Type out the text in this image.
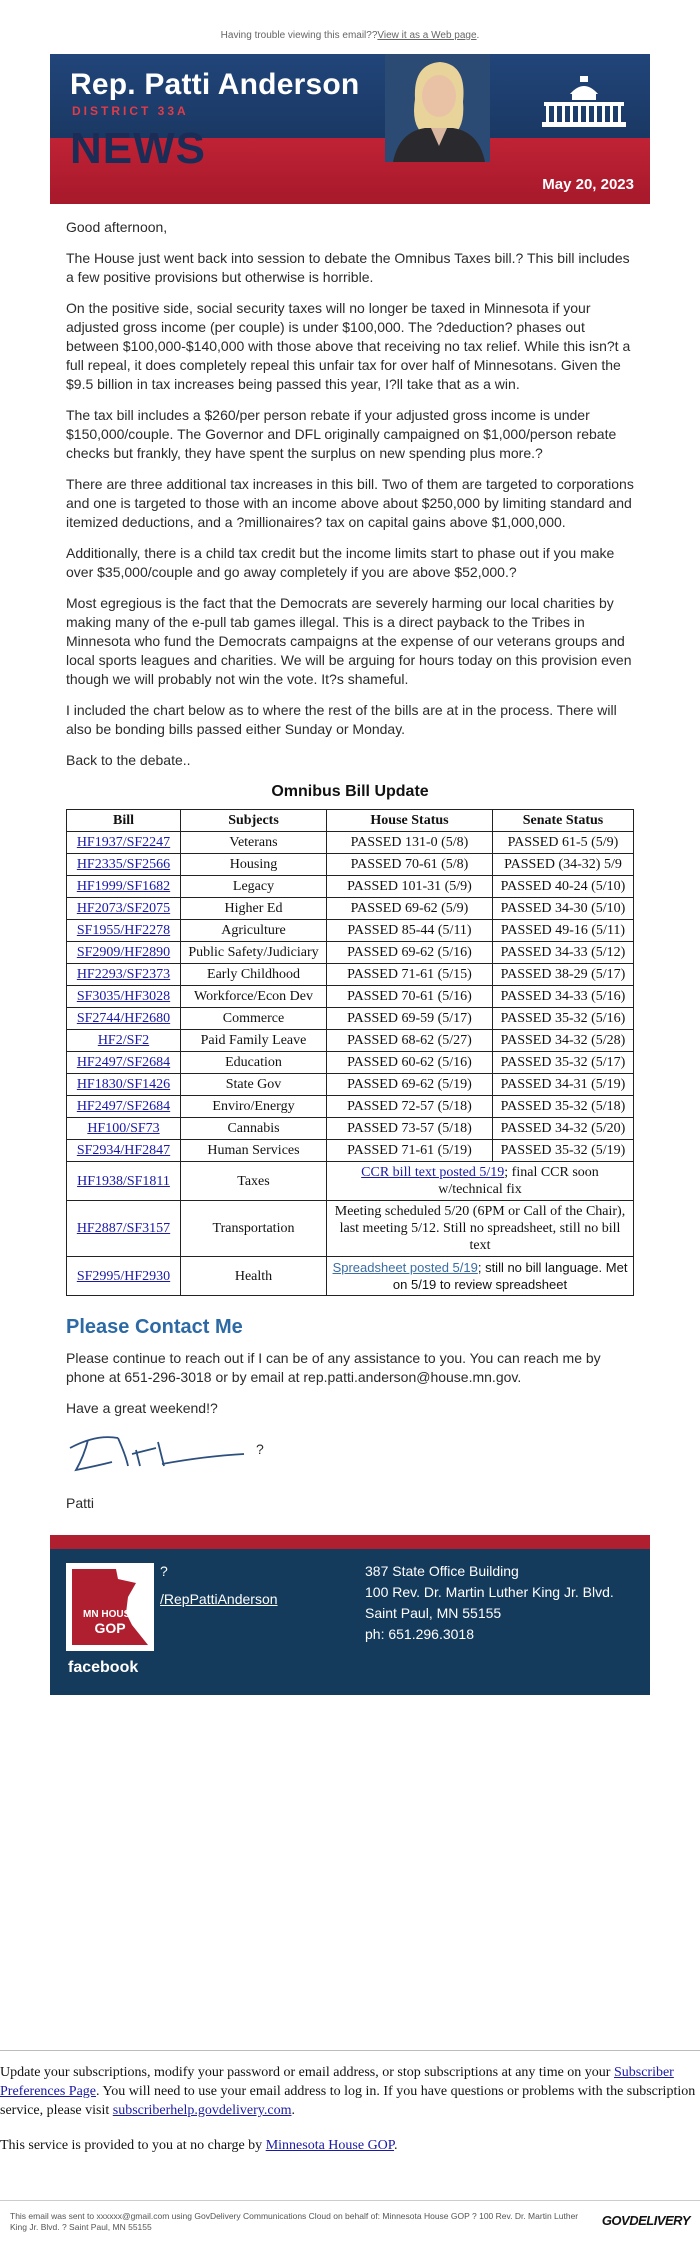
Having trouble viewing this email??View it as a Web page.
Rep. Patti Anderson
DISTRICT 33A
NEWS
May 20, 2023

Good afternoon,

The House just went back into session to debate the Omnibus Taxes bill.? This bill includes a few positive provisions but otherwise is horrible.

On the positive side, social security taxes will no longer be taxed in Minnesota if your adjusted gross income (per couple) is under $100,000. The ?deduction? phases out between $100,000-$140,000 with those above that receiving no tax relief. While this isn?t a full repeal, it does completely repeal this unfair tax for over half of Minnesotans. Given the $9.5 billion in tax increases being passed this year, I?ll take that as a win.

The tax bill includes a $260/per person rebate if your adjusted gross income is under $150,000/couple. The Governor and DFL originally campaigned on $1,000/person rebate checks but frankly, they have spent the surplus on new spending plus more.?

There are three additional tax increases in this bill. Two of them are targeted to corporations and one is targeted to those with an income above about $250,000 by limiting standard and itemized deductions, and a ?millionaires? tax on capital gains above $1,000,000.

Additionally, there is a child tax credit but the income limits start to phase out if you make over $35,000/couple and go away completely if you are above $52,000.?

Most egregious is the fact that the Democrats are severely harming our local charities by making many of the e-pull tab games illegal. This is a direct payback to the Tribes in Minnesota who fund the Democrats campaigns at the expense of our veterans groups and local sports leagues and charities. We will be arguing for hours today on this provision even though we will probably not win the vote. It?s shameful.

I included the chart below as to where the rest of the bills are at in the process. There will also be bonding bills passed either Sunday or Monday.

Back to the debate..

Omnibus Bill Update
Bill	Subjects	House Status	Senate Status
HF1937/SF2247	Veterans	PASSED 131-0 (5/8)	PASSED 61-5 (5/9)
HF2335/SF2566	Housing	PASSED 70-61 (5/8)	PASSED (34-32) 5/9
HF1999/SF1682	Legacy	PASSED 101-31 (5/9)	PASSED 40-24 (5/10)
HF2073/SF2075	Higher Ed	PASSED 69-62 (5/9)	PASSED 34-30 (5/10)
SF1955/HF2278	Agriculture	PASSED 85-44 (5/11)	PASSED 49-16 (5/11)
SF2909/HF2890	Public Safety/Judiciary	PASSED 69-62 (5/16)	PASSED 34-33 (5/12)
HF2293/SF2373	Early Childhood	PASSED 71-61 (5/15)	PASSED 38-29 (5/17)
SF3035/HF3028	Workforce/Econ Dev	PASSED 70-61 (5/16)	PASSED 34-33 (5/16)
SF2744/HF2680	Commerce	PASSED 69-59 (5/17)	PASSED 35-32 (5/16)
HF2/SF2	Paid Family Leave	PASSED 68-62 (5/27)	PASSED 34-32 (5/28)
HF2497/SF2684	Education	PASSED 60-62 (5/16)	PASSED 35-32 (5/17)
HF1830/SF1426	State Gov	PASSED 69-62 (5/19)	PASSED 34-31 (5/19)
HF2497/SF2684	Enviro/Energy	PASSED 72-57 (5/18)	PASSED 35-32 (5/18)
HF100/SF73	Cannabis	PASSED 73-57 (5/18)	PASSED 34-32 (5/20)
SF2934/HF2847	Human Services	PASSED 71-61 (5/19)	PASSED 35-32 (5/19)
HF1938/SF1811	Taxes	CCR bill text posted 5/19; final CCR soon w/technical fix	
HF2887/SF3157	Transportation	Meeting scheduled 5/20 (6PM or Call of the Chair), last meeting 5/12. Still no spreadsheet, still no bill text	
SF2995/HF2930	Health	Spreadsheet posted 5/19; still no bill language. Met on 5/19 to review spreadsheet	
Please Contact Me

Please continue to reach out if I can be of any assistance to you. You can reach me by phone at 651-296-3018 or by email at rep.patti.anderson@house.mn.gov.

Have a great weekend!?

?

Patti

MN HOUSE
GOP
facebook
?
/RepPattiAnderson
387 State Office Building
100 Rev. Dr. Martin Luther King Jr. Blvd.
Saint Paul, MN 55155
ph: 651.296.3018

Update your subscriptions, modify your password or email address, or stop subscriptions at any time on your Subscriber Preferences Page. You will need to use your email address to log in. If you have questions or problems with the subscription service, please visit subscriberhelp.govdelivery.com.

This service is provided to you at no charge by Minnesota House GOP.

This email was sent to xxxxxx@gmail.com using GovDelivery Communications Cloud on behalf of: Minnesota House GOP ? 100 Rev. Dr. Martin Luther King Jr. Blvd. ? Saint Paul, MN 55155	GOVDELIVERY
